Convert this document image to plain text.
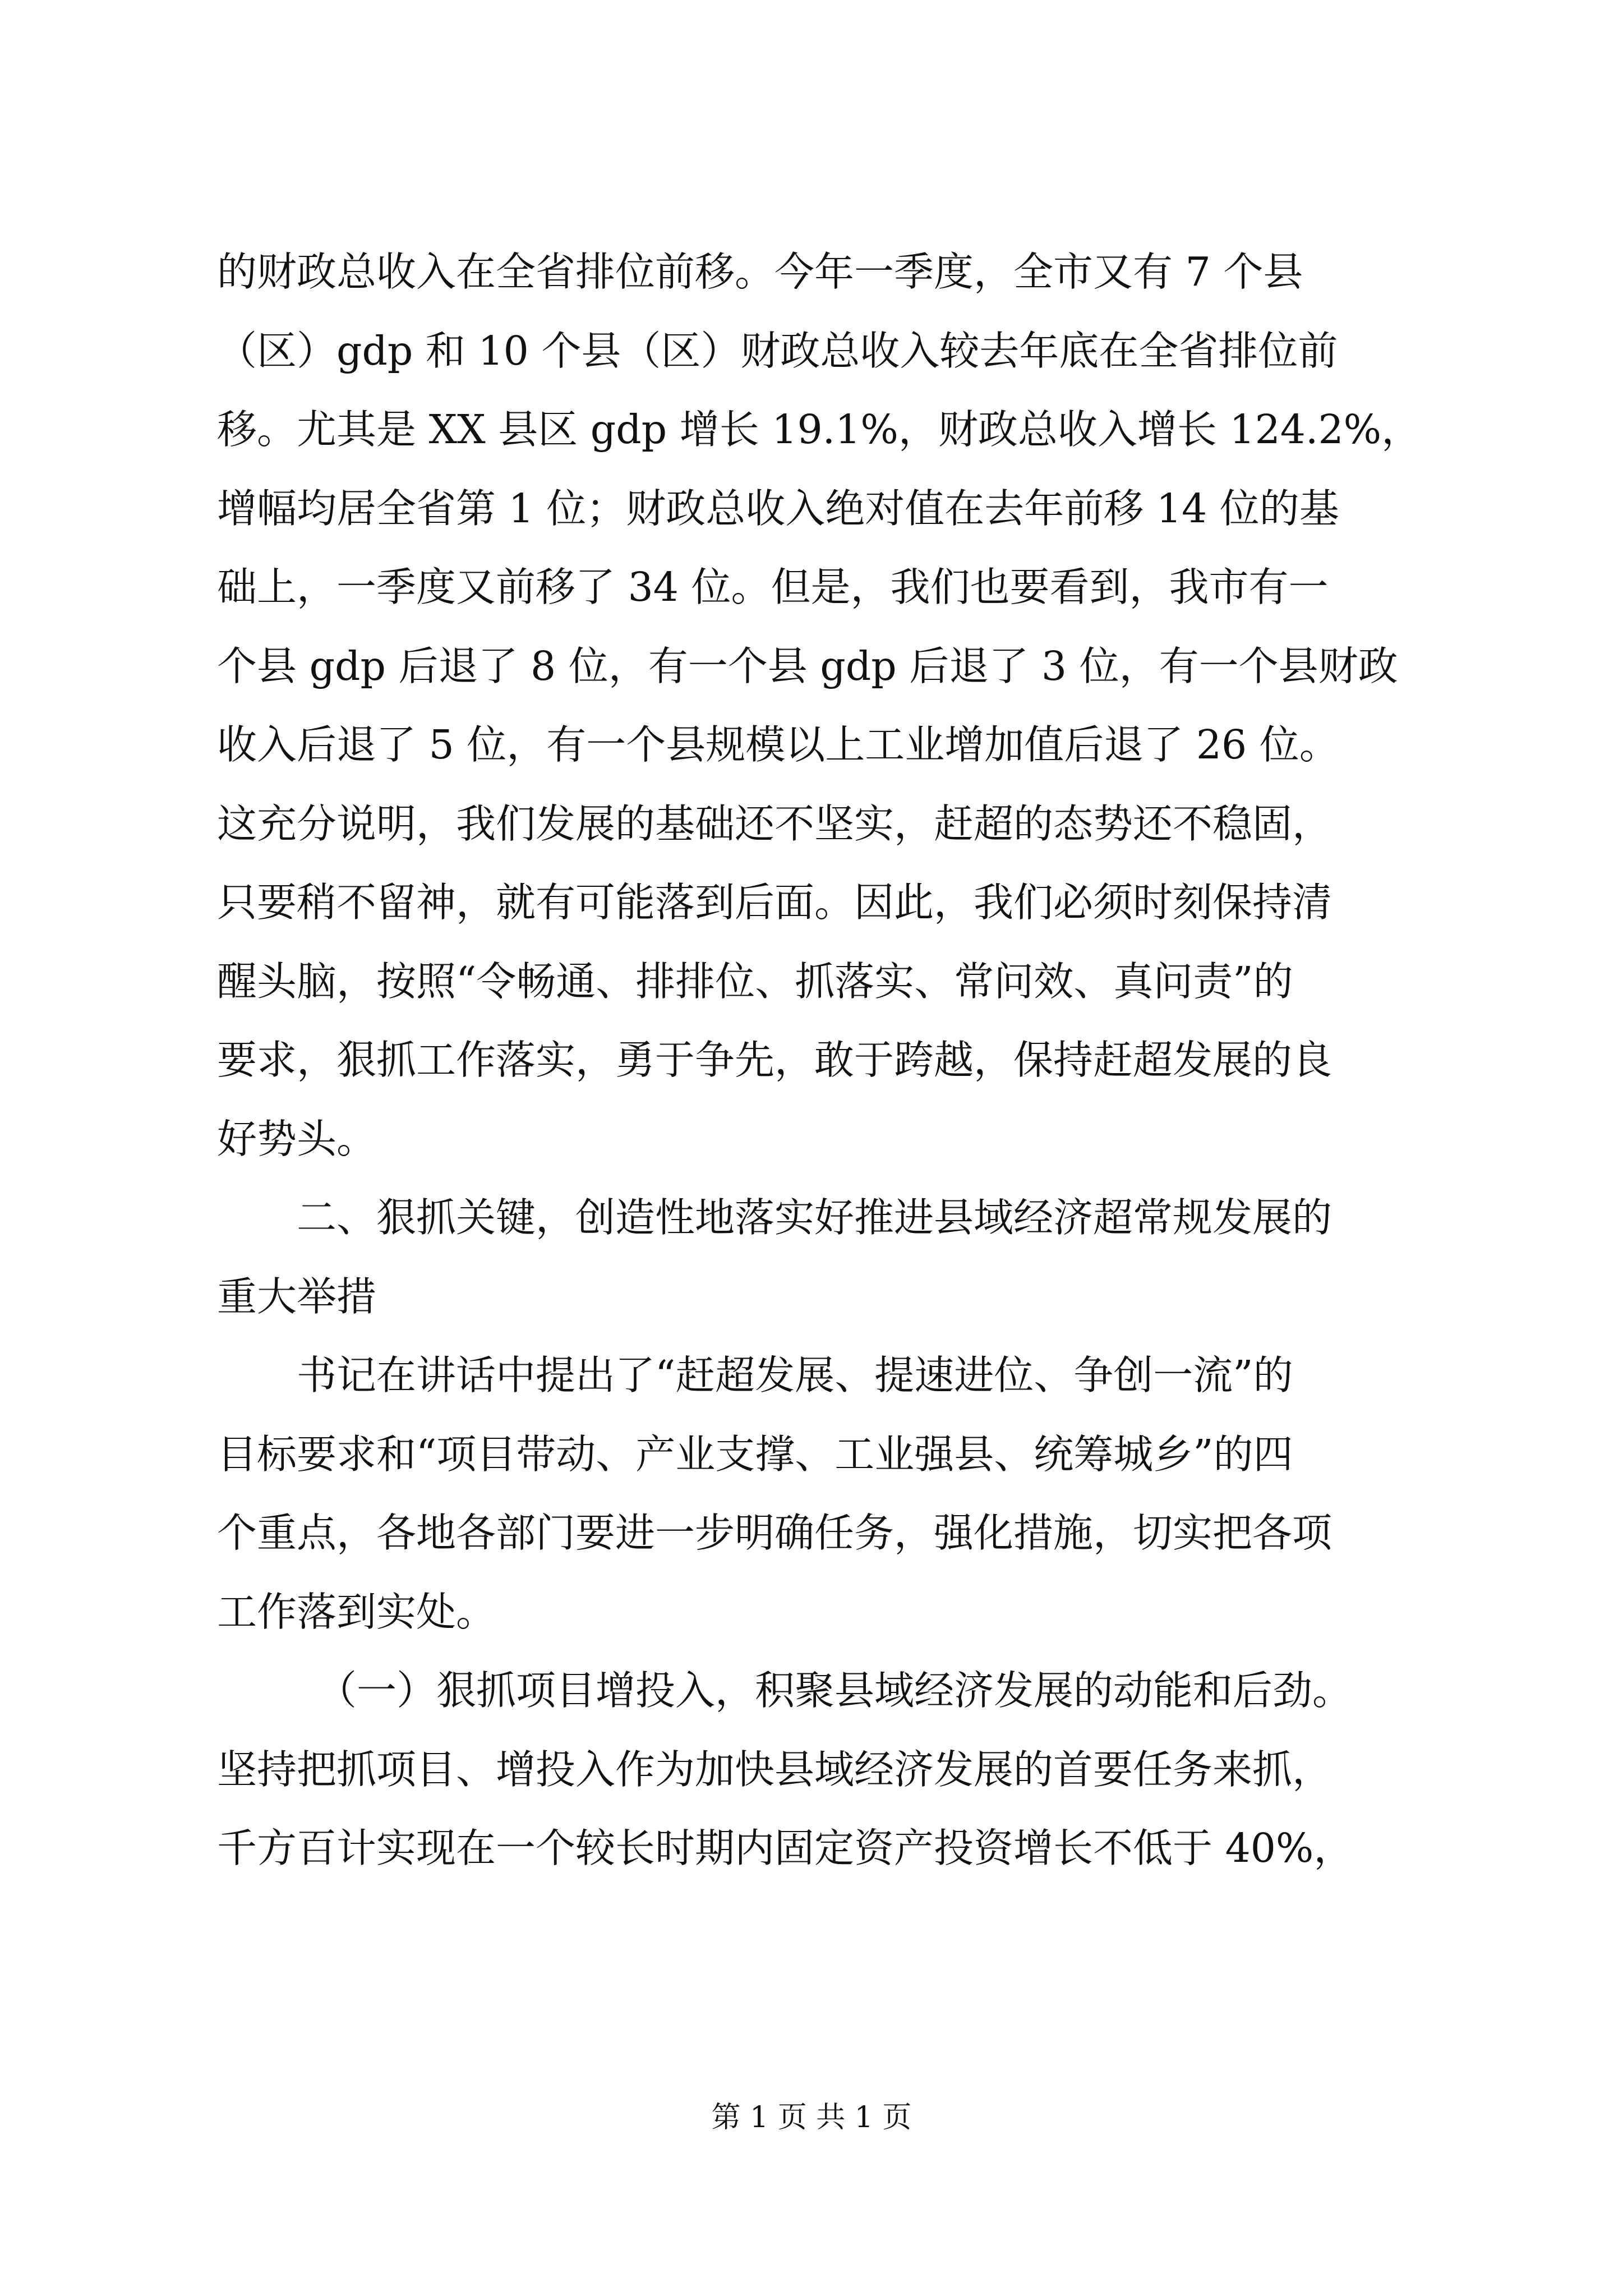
的财政总收入在全省排位前移。今年一季度，全市又有 7 个县
（区）gdp 和 10 个县（区）财政总收入较去年底在全省排位前
移。尤其是 XX 县区 gdp 增长 19.1%，财政总收入增长 124.2%，
增幅均居全省第 1 位；财政总收入绝对值在去年前移 14 位的基
础上，一季度又前移了 34 位。但是，我们也要看到，我市有一
个县 gdp 后退了 8 位，有一个县 gdp 后退了 3 位，有一个县财政
收入后退了 5 位，有一个县规模以上工业增加值后退了 26 位。
这充分说明，我们发展的基础还不坚实，赶超的态势还不稳固，
只要稍不留神，就有可能落到后面。因此，我们必须时刻保持清
醒头脑，按照“令畅通、排排位、抓落实、常问效、真问责”的
要求，狠抓工作落实，勇于争先，敢于跨越，保持赶超发展的良
好势头。
二、狠抓关键，创造性地落实好推进县域经济超常规发展的
重大举措
书记在讲话中提出了“赶超发展、提速进位、争创一流”的
目标要求和“项目带动、产业支撑、工业强县、统筹城乡”的四
个重点，各地各部门要进一步明确任务，强化措施，切实把各项
工作落到实处。
（一）狠抓项目增投入，积聚县域经济发展的动能和后劲。
坚持把抓项目、增投入作为加快县域经济发展的首要任务来抓，
千方百计实现在一个较长时期内固定资产投资增长不低于 40%，
第 1 页 共 1 页
